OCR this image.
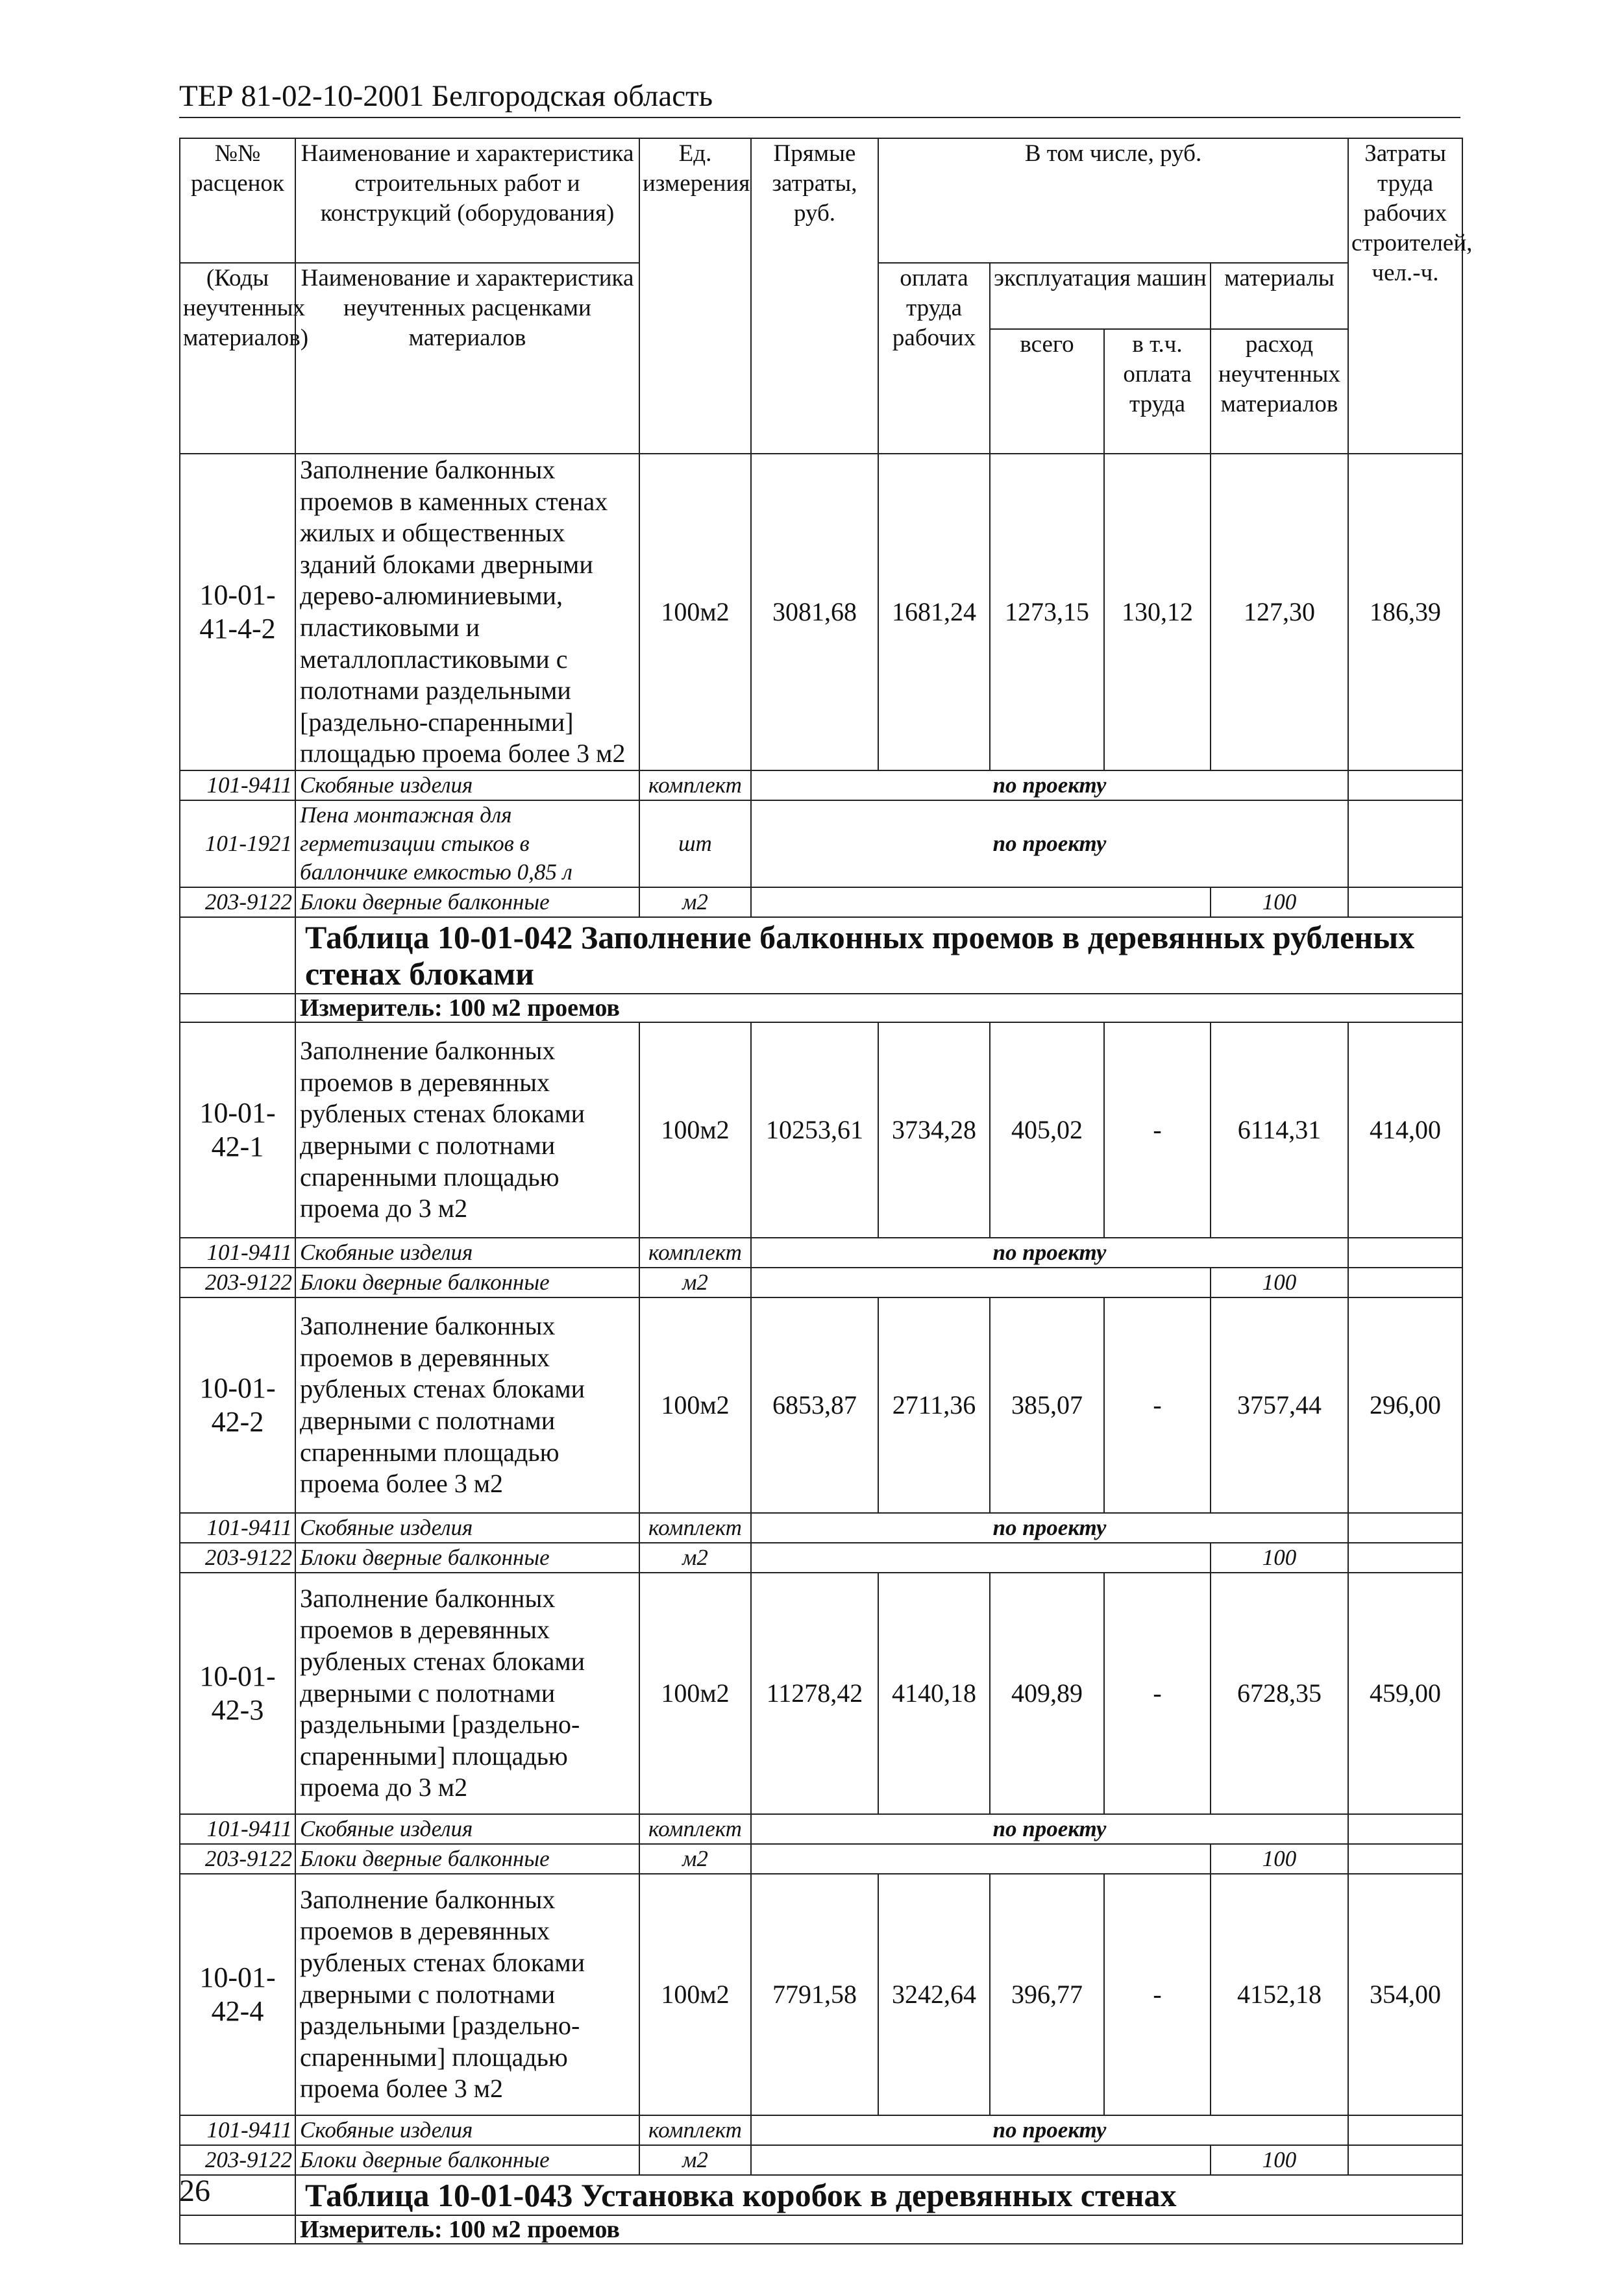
ТЕР 81-02-10-2001 Белгородская область
№№ расценок	Наименование и характеристика строительных работ и конструкций (оборудования)	Ед. измерения	Прямые затраты, руб.	В том числе, руб.				Затраты труда рабочих строителей, чел.-ч.
(Коды неучтенных материалов)	Наименование и характеристика неучтенных расценками материалов			оплата труда рабочих	эксплуатация машин		материалы	
					всего	в т.ч. оплата труда	расход неучтенных материалов	
10-01-41-4-2	Заполнение балконных проемов в каменных стенах жилых и общественных зданий блоками дверными дерево-алюминиевыми, пластиковыми и металлопластиковыми с полотнами раздельными [раздельно-спаренными] площадью проема более 3 м2	100м2	3081,68	1681,24	1273,15	130,12	127,30	186,39
101-9411	Скобяные изделия	комплект	по проекту					
101-1921	Пена монтажная для герметизации стыков в баллончике емкостью 0,85 л	шт	по проекту					
203-9122	Блоки дверные балконные	м2					100	
	Таблица 10-01-042 Заполнение балконных проемов в деревянных рубленых стенах блоками							
	Измеритель: 100 м2 проемов							
10-01-42-1	Заполнение балконных проемов в деревянных рубленых стенах блоками дверными с полотнами спаренными площадью проема до 3 м2	100м2	10253,61	3734,28	405,02	-	6114,31	414,00
101-9411	Скобяные изделия	комплект	по проекту					
203-9122	Блоки дверные балконные	м2					100	
10-01-42-2	Заполнение балконных проемов в деревянных рубленых стенах блоками дверными с полотнами спаренными площадью проема более 3 м2	100м2	6853,87	2711,36	385,07	-	3757,44	296,00
101-9411	Скобяные изделия	комплект	по проекту					
203-9122	Блоки дверные балконные	м2					100	
10-01-42-3	Заполнение балконных проемов в деревянных рубленых стенах блоками дверными с полотнами раздельными [раздельно-спаренными] площадью проема до 3 м2	100м2	11278,42	4140,18	409,89	-	6728,35	459,00
101-9411	Скобяные изделия	комплект	по проекту					
203-9122	Блоки дверные балконные	м2					100	
10-01-42-4	Заполнение балконных проемов в деревянных рубленых стенах блоками дверными с полотнами раздельными [раздельно-спаренными] площадью проема более 3 м2	100м2	7791,58	3242,64	396,77	-	4152,18	354,00
101-9411	Скобяные изделия	комплект	по проекту					
203-9122	Блоки дверные балконные	м2					100	
	Таблица 10-01-043 Установка коробок в деревянных стенах							
	Измеритель: 100 м2 проемов							
26
